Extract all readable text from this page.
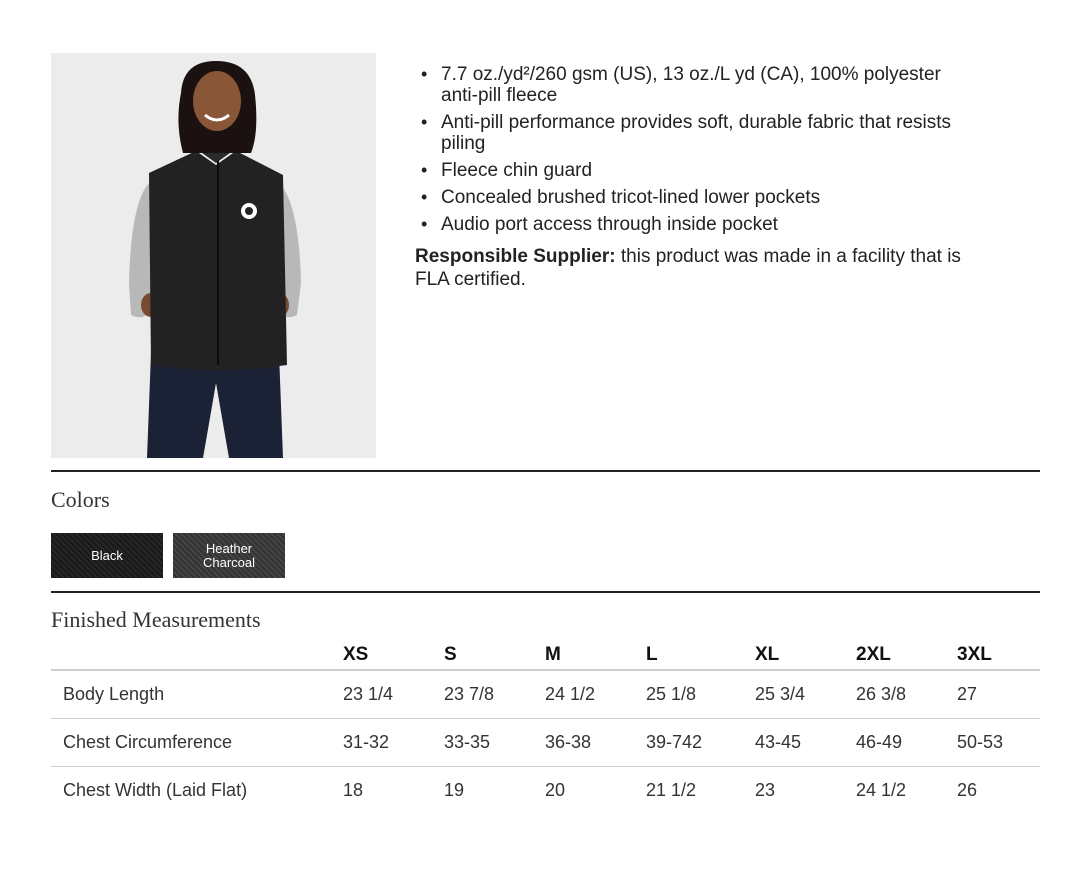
• 7.7 oz./yd²/260 gsm (US), 13 oz./L yd (CA), 100% polyester anti-pill fleece
• Anti-pill performance provides soft, durable fabric that resists piling
• Fleece chin guard
• Concealed brushed tricot-lined lower pockets
• Audio port access through inside pocket

Responsible Supplier: this product was made in a facility that is FLA certified.

Colors
Black	Heather Charcoal
Finished Measurements
	XS	S	M	L	XL	2XL	3XL
Body Length	23 1/4	23 7/8	24 1/2	25 1/8	25 3/4	26 3/8	27
Chest Circumference	31-32	33-35	36-38	39-742	43-45	46-49	50-53
Chest Width (Laid Flat)	18	19	20	21 1/2	23	24 1/2	26
